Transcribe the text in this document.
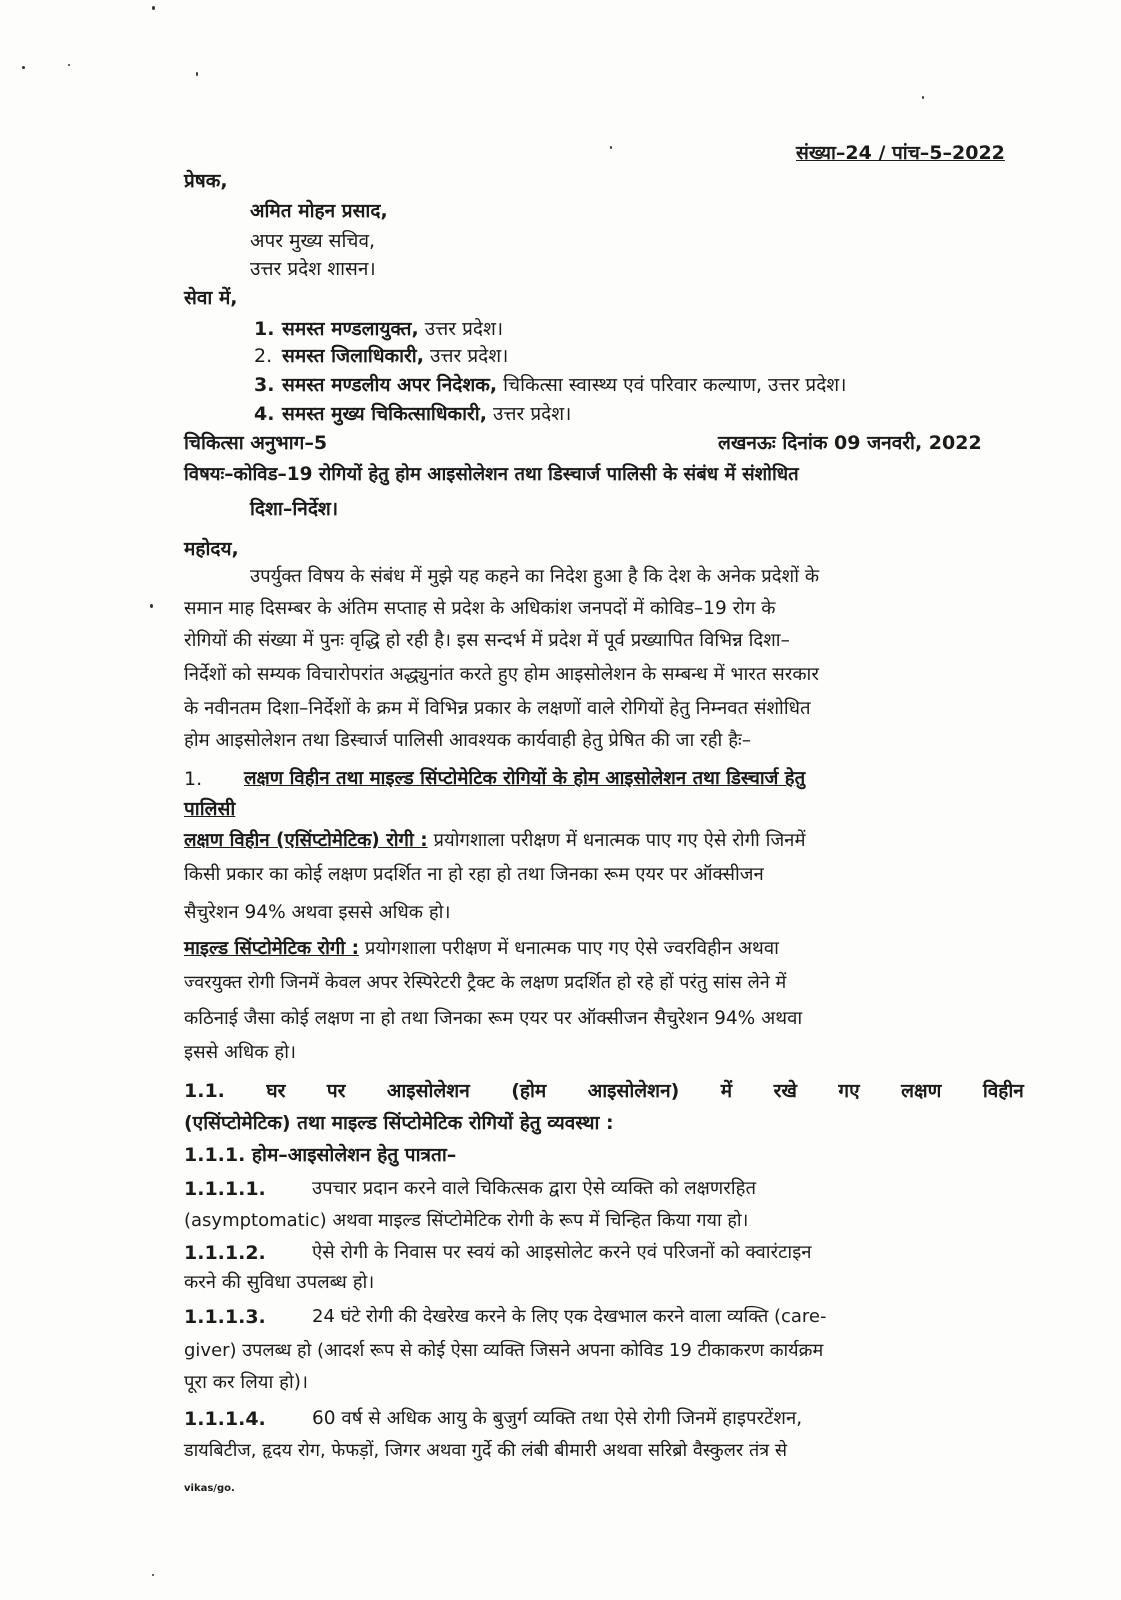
संख्या–24 / पांच–5–2022
प्रेषक,
अमित मोहन प्रसाद,
अपर मुख्य सचिव,
उत्तर प्रदेश शासन।
सेवा में,
1. समस्त मण्डलायुक्त, उत्तर प्रदेश।
2. समस्त जिलाधिकारी, उत्तर प्रदेश।
3. समस्त मण्डलीय अपर निदेशक, चिकित्सा स्वास्थ्य एवं परिवार कल्याण, उत्तर प्रदेश।
4. समस्त मुख्य चिकित्साधिकारी, उत्तर प्रदेश।
चिकित्सा अनुभाग–5	लखनऊः दिनांक 09 जनवरी, 2022
विषयः–कोविड–19 रोगियों हेतु होम आइसोलेशन तथा डिस्चार्ज पालिसी के संबंध में संशोधित
दिशा–निर्देश।
महोदय,
उपर्युक्त विषय के संबंध में मुझे यह कहने का निदेश हुआ है कि देश के अनेक प्रदेशों के
समान माह दिसम्बर के अंतिम सप्ताह से प्रदेश के अधिकांश जनपदों में कोविड–19 रोग के
रोगियों की संख्या में पुनः वृद्धि हो रही है। इस सन्दर्भ में प्रदेश में पूर्व प्रख्यापित विभिन्न दिशा–
निर्देशों को सम्यक विचारोपरांत अद्ध्युनांत करते हुए होम आइसोलेशन के सम्बन्ध में भारत सरकार
के नवीनतम दिशा–निर्देशों के क्रम में विभिन्न प्रकार के लक्षणों वाले रोगियों हेतु निम्नवत संशोधित
होम आइसोलेशन तथा डिस्चार्ज पालिसी आवश्यक कार्यवाही हेतु प्रेषित की जा रही हैः–
1. लक्षण विहीन तथा माइल्ड सिंप्टोमेटिक रोगियों के होम आइसोलेशन तथा डिस्चार्ज हेतु
पालिसी
लक्षण विहीन (एसिंप्टोमेटिक) रोगी : प्रयोगशाला परीक्षण में धनात्मक पाए गए ऐसे रोगी जिनमें
किसी प्रकार का कोई लक्षण प्रदर्शित ना हो रहा हो तथा जिनका रूम एयर पर ऑक्सीजन
सैचुरेशन 94% अथवा इससे अधिक हो।
माइल्ड सिंप्टोमेटिक रोगी : प्रयोगशाला परीक्षण में धनात्मक पाए गए ऐसे ज्वरविहीन अथवा
ज्वरयुक्त रोगी जिनमें केवल अपर रेस्पिरेटरी ट्रैक्ट के लक्षण प्रदर्शित हो रहे हों परंतु सांस लेने में
कठिनाई जैसा कोई लक्षण ना हो तथा जिनका रूम एयर पर ऑक्सीजन सैचुरेशन 94% अथवा
इससे अधिक हो।
1.1. घर पर आइसोलेशन (होम आइसोलेशन) में रखे गए लक्षण विहीन
(एसिंप्टोमेटिक) तथा माइल्ड सिंप्टोमेटिक रोगियों हेतु व्यवस्था :
1.1.1. होम–आइसोलेशन हेतु पात्रता–
1.1.1.1. उपचार प्रदान करने वाले चिकित्सक द्वारा ऐसे व्यक्ति को लक्षणरहित
(asymptomatic) अथवा माइल्ड सिंप्टोमेटिक रोगी के रूप में चिन्हित किया गया हो।
1.1.1.2. ऐसे रोगी के निवास पर स्वयं को आइसोलेट करने एवं परिजनों को क्वारंटाइन
करने की सुविधा उपलब्ध हो।
1.1.1.3.	24 घंटे रोगी की देखरेख करने के लिए एक देखभाल करने वाला व्यक्ति (care-
giver) उपलब्ध हो (आदर्श रूप से कोई ऐसा व्यक्ति जिसने अपना कोविड 19 टीकाकरण कार्यक्रम
पूरा कर लिया हो)।
1.1.1.4. 60 वर्ष से अधिक आयु के बुजुर्ग व्यक्ति तथा ऐसे रोगी जिनमें हाइपरटेंशन,
डायबिटीज, हृदय रोग, फेफड़ों, जिगर अथवा गुर्दे की लंबी बीमारी अथवा सरिब्रो वैस्कुलर तंत्र से
vikas/go.
